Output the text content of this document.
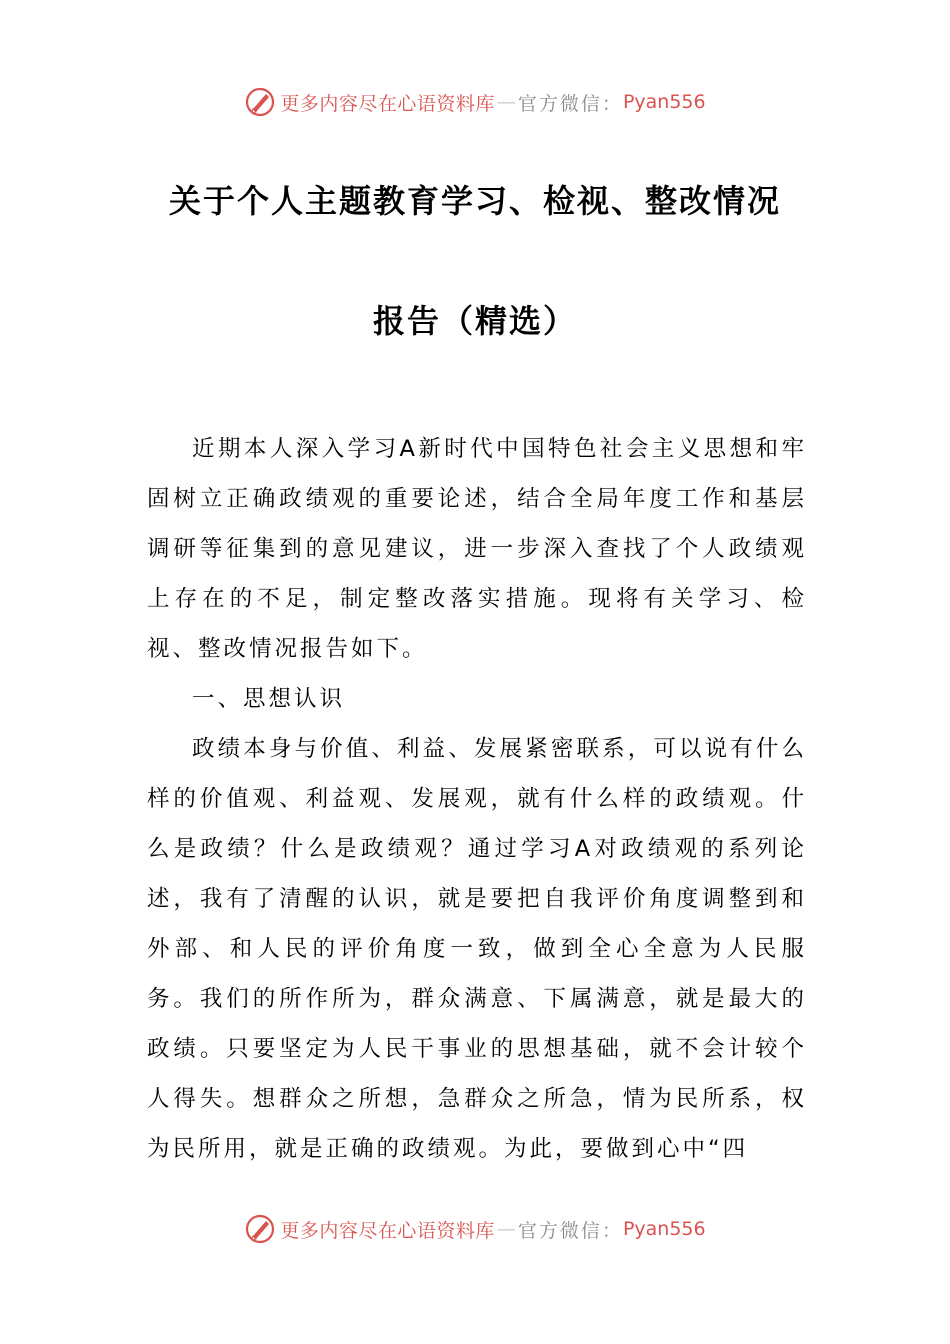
更多内容尽在心语资料库 — 官方微信： Pyan556
关于个人主题教育学习、检视、整改情况
报告（精选）

近期本人深入学习A新时代中国特色社会主义思想和牢固树立正确政绩观的重要论述，结合全局年度工作和基层调研等征集到的意见建议，进一步深入查找了个人政绩观上存在的不足，制定整改落实措施。现将有关学习、检视、整改情况报告如下。

一、思想认识

政绩本身与价值、利益、发展紧密联系，可以说有什么样的价值观、利益观、发展观，就有什么样的政绩观。什么是政绩？什么是政绩观？通过学习A对政绩观的系列论述，我有了清醒的认识，就是要把自我评价角度调整到和外部、和人民的评价角度一致，做到全心全意为人民服务。我们的所作所为，群众满意、下属满意，就是最大的政绩。只要坚定为人民干事业的思想基础，就不会计较个人得失。想群众之所想，急群众之所急，情为民所系，权为民所用，就是正确的政绩观。为此，要做到心中“四

更多内容尽在心语资料库 — 官方微信： Pyan556
